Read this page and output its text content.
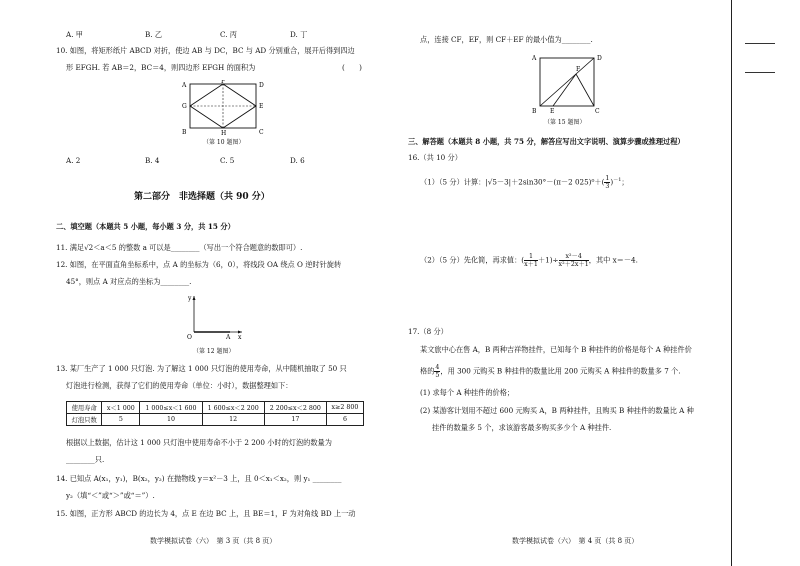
A. 甲	B. 乙	C. 丙	D. 丁
10. 如图，将矩形纸片 ABCD 对折，使边 AB 与 DC，BC 与 AD 分别重合，展开后得到四边
形 EFGH. 若 AB＝2，BC＝4，则四边形 EFGH 的面积为	(　　)
A	D
G	E
F
H
B	C
（第 10 题图）
A. 2	B. 4	C. 5	D. 6
第二部分　非选择题（共 90 分）
二、填空题（本题共 5 小题，每小题 3 分，共 15 分）
11. 满足√2＜a＜5 的整数 a 可以是________（写出一个符合题意的数即可）.
12. 如图，在平面直角坐标系中，点 A 的坐标为（6，0），将线段 OA 绕点 O 逆时针旋转
45°，则点 A 对应点的坐标为________.
y
O	A x
（第 12 题图）
13. 某厂生产了 1 000 只灯泡. 为了解这 1 000 只灯泡的使用寿命，从中随机抽取了 50 只
灯泡进行检测，获得了它们的使用寿命（单位：小时），数据整理如下：
使用寿命	x＜1 000	1 000≤x＜1 600	1 600≤x＜2 200	2 200≤x＜2 800	x≥2 800
灯泡只数	5	10	12	17	6
根据以上数据，估计这 1 000 只灯泡中使用寿命不小于 2 200 小时的灯泡的数量为
________只.
14. 已知点 A(x₁，y₁)，B(x₂，y₂) 在抛物线 y＝x²－3 上，且 0＜x₁＜x₂，则 y₁ ________
y₂（填“＜”或“＞”或“＝”）.
15. 如图，正方形 ABCD 的边长为 4，点 E 在边 BC 上，且 BE＝1，F 为对角线 BD 上一动
数学模拟试卷（六）　第 3 页（共 8 页）
点，连接 CF，EF，则 CF＋EF 的最小值为________.
A	D
F
B E	C
（第 15 题图）
三、解答题（本题共 8 小题，共 75 分，解答应写出文字说明、演算步骤或推理过程）
16.（共 10 分）
（1）（5 分）计算：|√5－3|＋2sin30°－(π－2 $025)^0+( \frac{1}{3} )^{-1}$；
（2）（5 分）先化简，再求值：( $\frac{1}{x+1} +1)\div \frac{\text{x²－4}}{\text{x²＋2x＋1}}$ ，其中 x＝－4.
17.（8 分）
某文旅中心在售 A，B 两种吉祥物挂件，已知每个 B 种挂件的价格是每个 A 种挂件价
格的 $\frac{4}{5}$ ，用 300 元购买 B 种挂件的数量比用 200 元购买 A 种挂件的数量多 7 个.
(1) 求每个 A 种挂件的价格；
(2) 某游客计划用不超过 600 元购买 A，B 两种挂件，且购买 B 种挂件的数量比 A 种
挂件的数量多 5 个，求该游客最多购买多少个 A 种挂件.
数学模拟试卷（六）　第 4 页（共 8 页）
